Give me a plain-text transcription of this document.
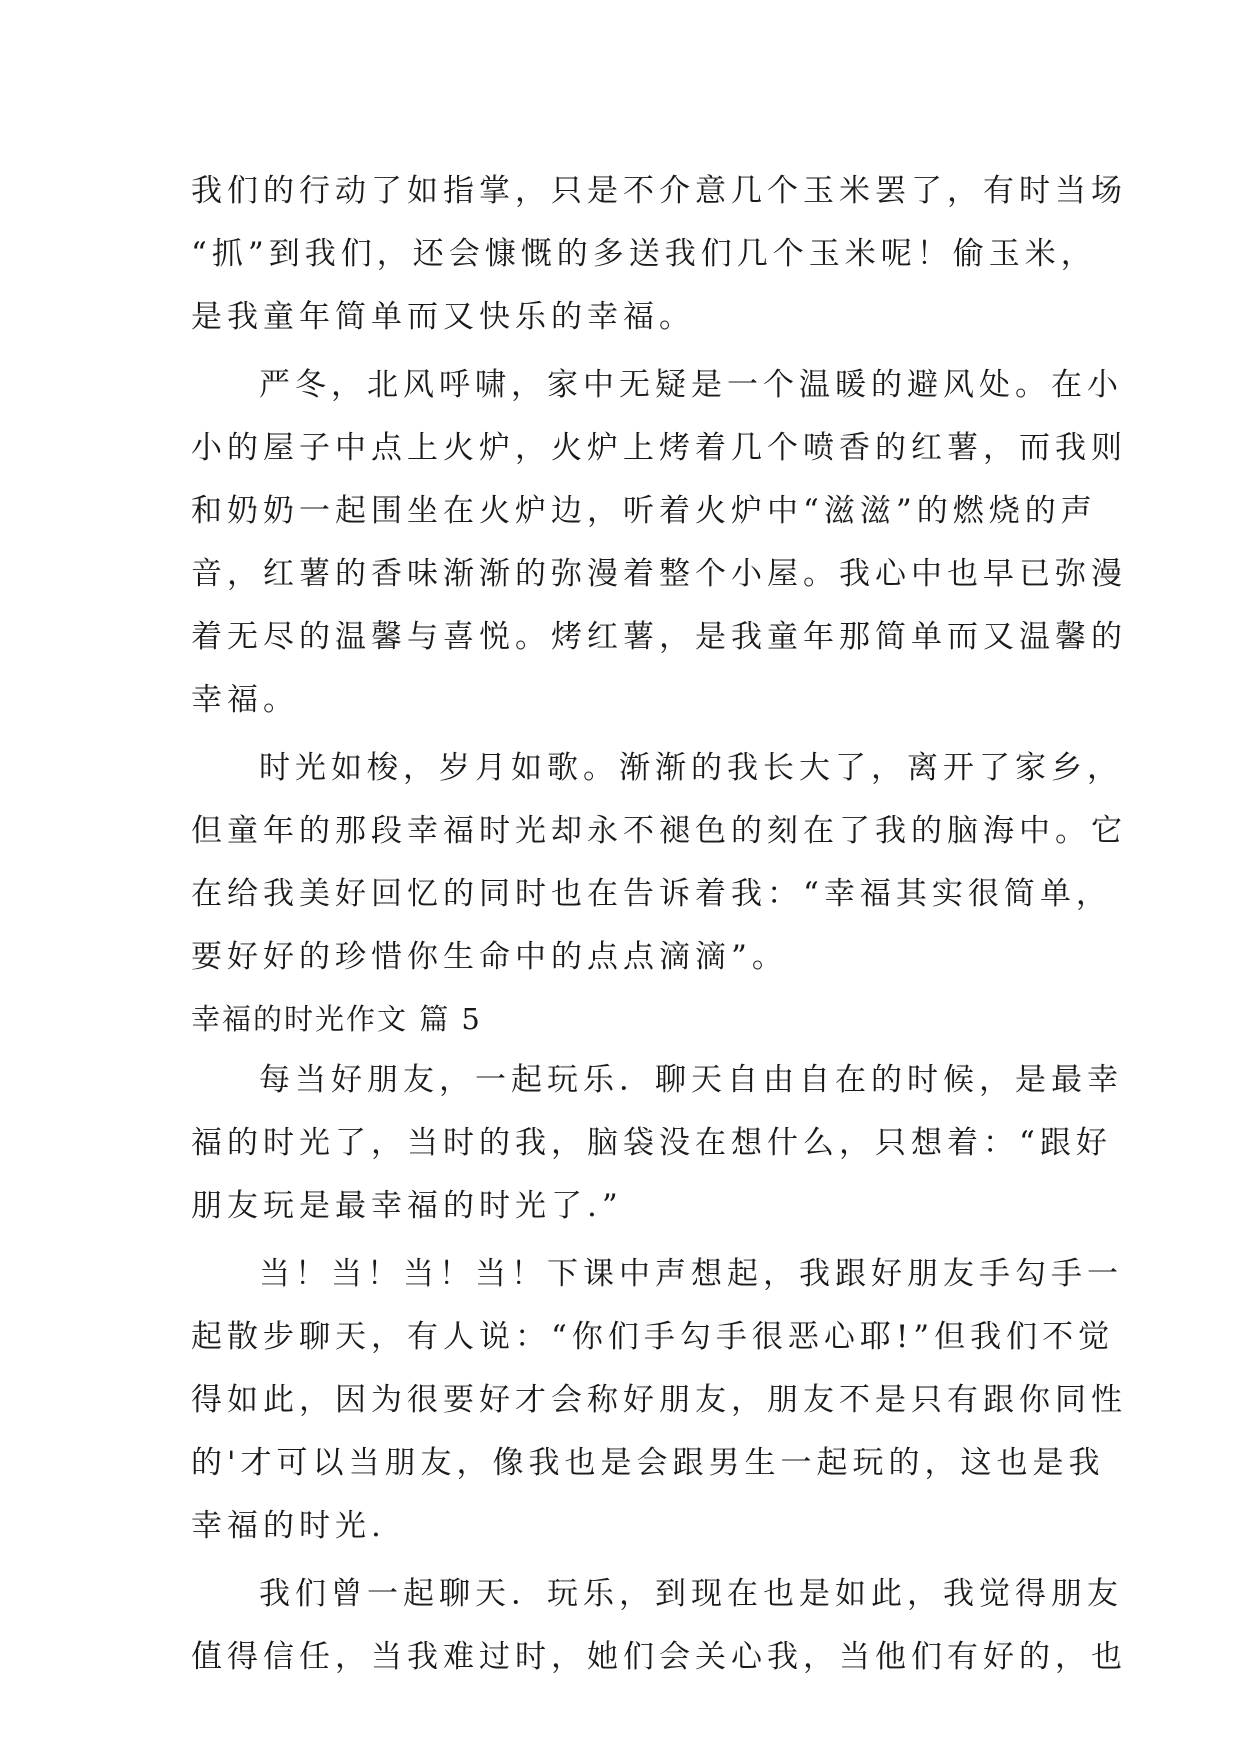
我们的行动了如指掌，只是不介意几个玉米罢了，有时当场
“抓”到我们，还会慷慨的多送我们几个玉米呢！偷玉米，
是我童年简单而又快乐的幸福。
严冬，北风呼啸，家中无疑是一个温暖的避风处。在小
小的屋子中点上火炉，火炉上烤着几个喷香的红薯，而我则
和奶奶一起围坐在火炉边，听着火炉中“滋滋”的燃烧的声
音，红薯的香味渐渐的弥漫着整个小屋。我心中也早已弥漫
着无尽的温馨与喜悦。烤红薯，是我童年那简单而又温馨的
幸福。
时光如梭，岁月如歌。渐渐的我长大了，离开了家乡，
但童年的那段幸福时光却永不褪色的刻在了我的脑海中。它
在给我美好回忆的同时也在告诉着我：“幸福其实很简单，
要好好的珍惜你生命中的点点滴滴”。
幸福的时光作文 篇 5
每当好朋友，一起玩乐．聊天自由自在的时候，是最幸
福的时光了，当时的我，脑袋没在想什么，只想着：“跟好
朋友玩是最幸福的时光了.”
当！当！当！当！下课中声想起，我跟好朋友手勾手一
起散步聊天，有人说：“你们手勾手很恶心耶!”但我们不觉
得如此，因为很要好才会称好朋友，朋友不是只有跟你同性
的'才可以当朋友，像我也是会跟男生一起玩的，这也是我
幸福的时光.
我们曾一起聊天．玩乐，到现在也是如此，我觉得朋友
值得信任，当我难过时，她们会关心我，当他们有好的，也
